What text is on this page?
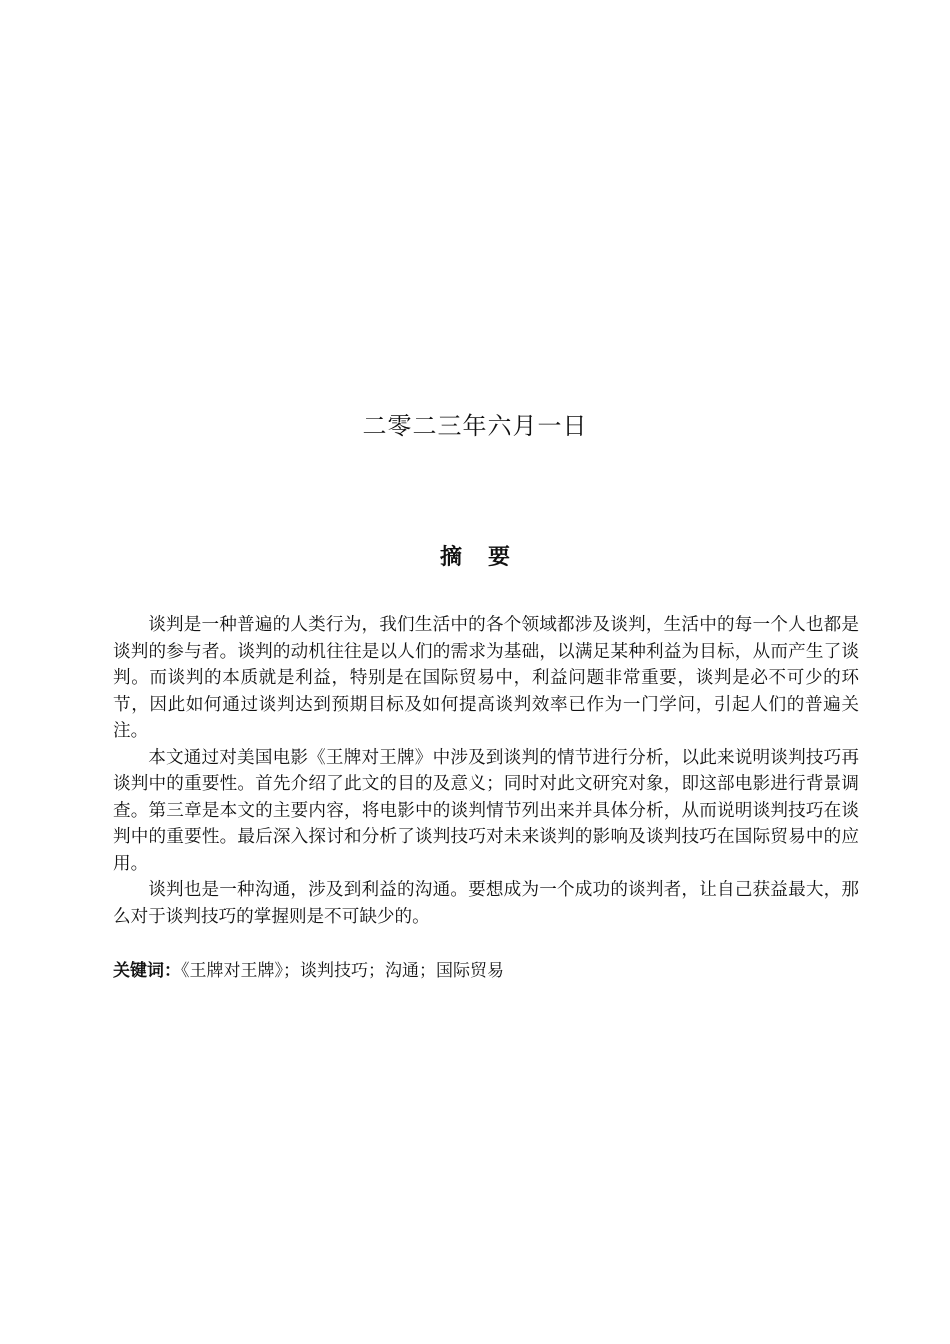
二零二三年六月一日
摘 要

谈判是一种普遍的人类行为，我们生活中的各个领域都涉及谈判，生活中的每一个人也都是谈判的参与者。谈判的动机往往是以人们的需求为基础，以满足某种利益为目标，从而产生了谈判。而谈判的本质就是利益，特别是在国际贸易中，利益问题非常重要，谈判是必不可少的环节，因此如何通过谈判达到预期目标及如何提高谈判效率已作为一门学问，引起人们的普遍关注。

本文通过对美国电影《王牌对王牌》中涉及到谈判的情节进行分析，以此来说明谈判技巧再谈判中的重要性。首先介绍了此文的目的及意义；同时对此文研究对象，即这部电影进行背景调查。第三章是本文的主要内容，将电影中的谈判情节列出来并具体分析，从而说明谈判技巧在谈判中的重要性。最后深入探讨和分析了谈判技巧对未来谈判的影响及谈判技巧在国际贸易中的应用。

谈判也是一种沟通，涉及到利益的沟通。要想成为一个成功的谈判者，让自己获益最大，那么对于谈判技巧的掌握则是不可缺少的。

关键词：《王牌对王牌》；谈判技巧；沟通；国际贸易
